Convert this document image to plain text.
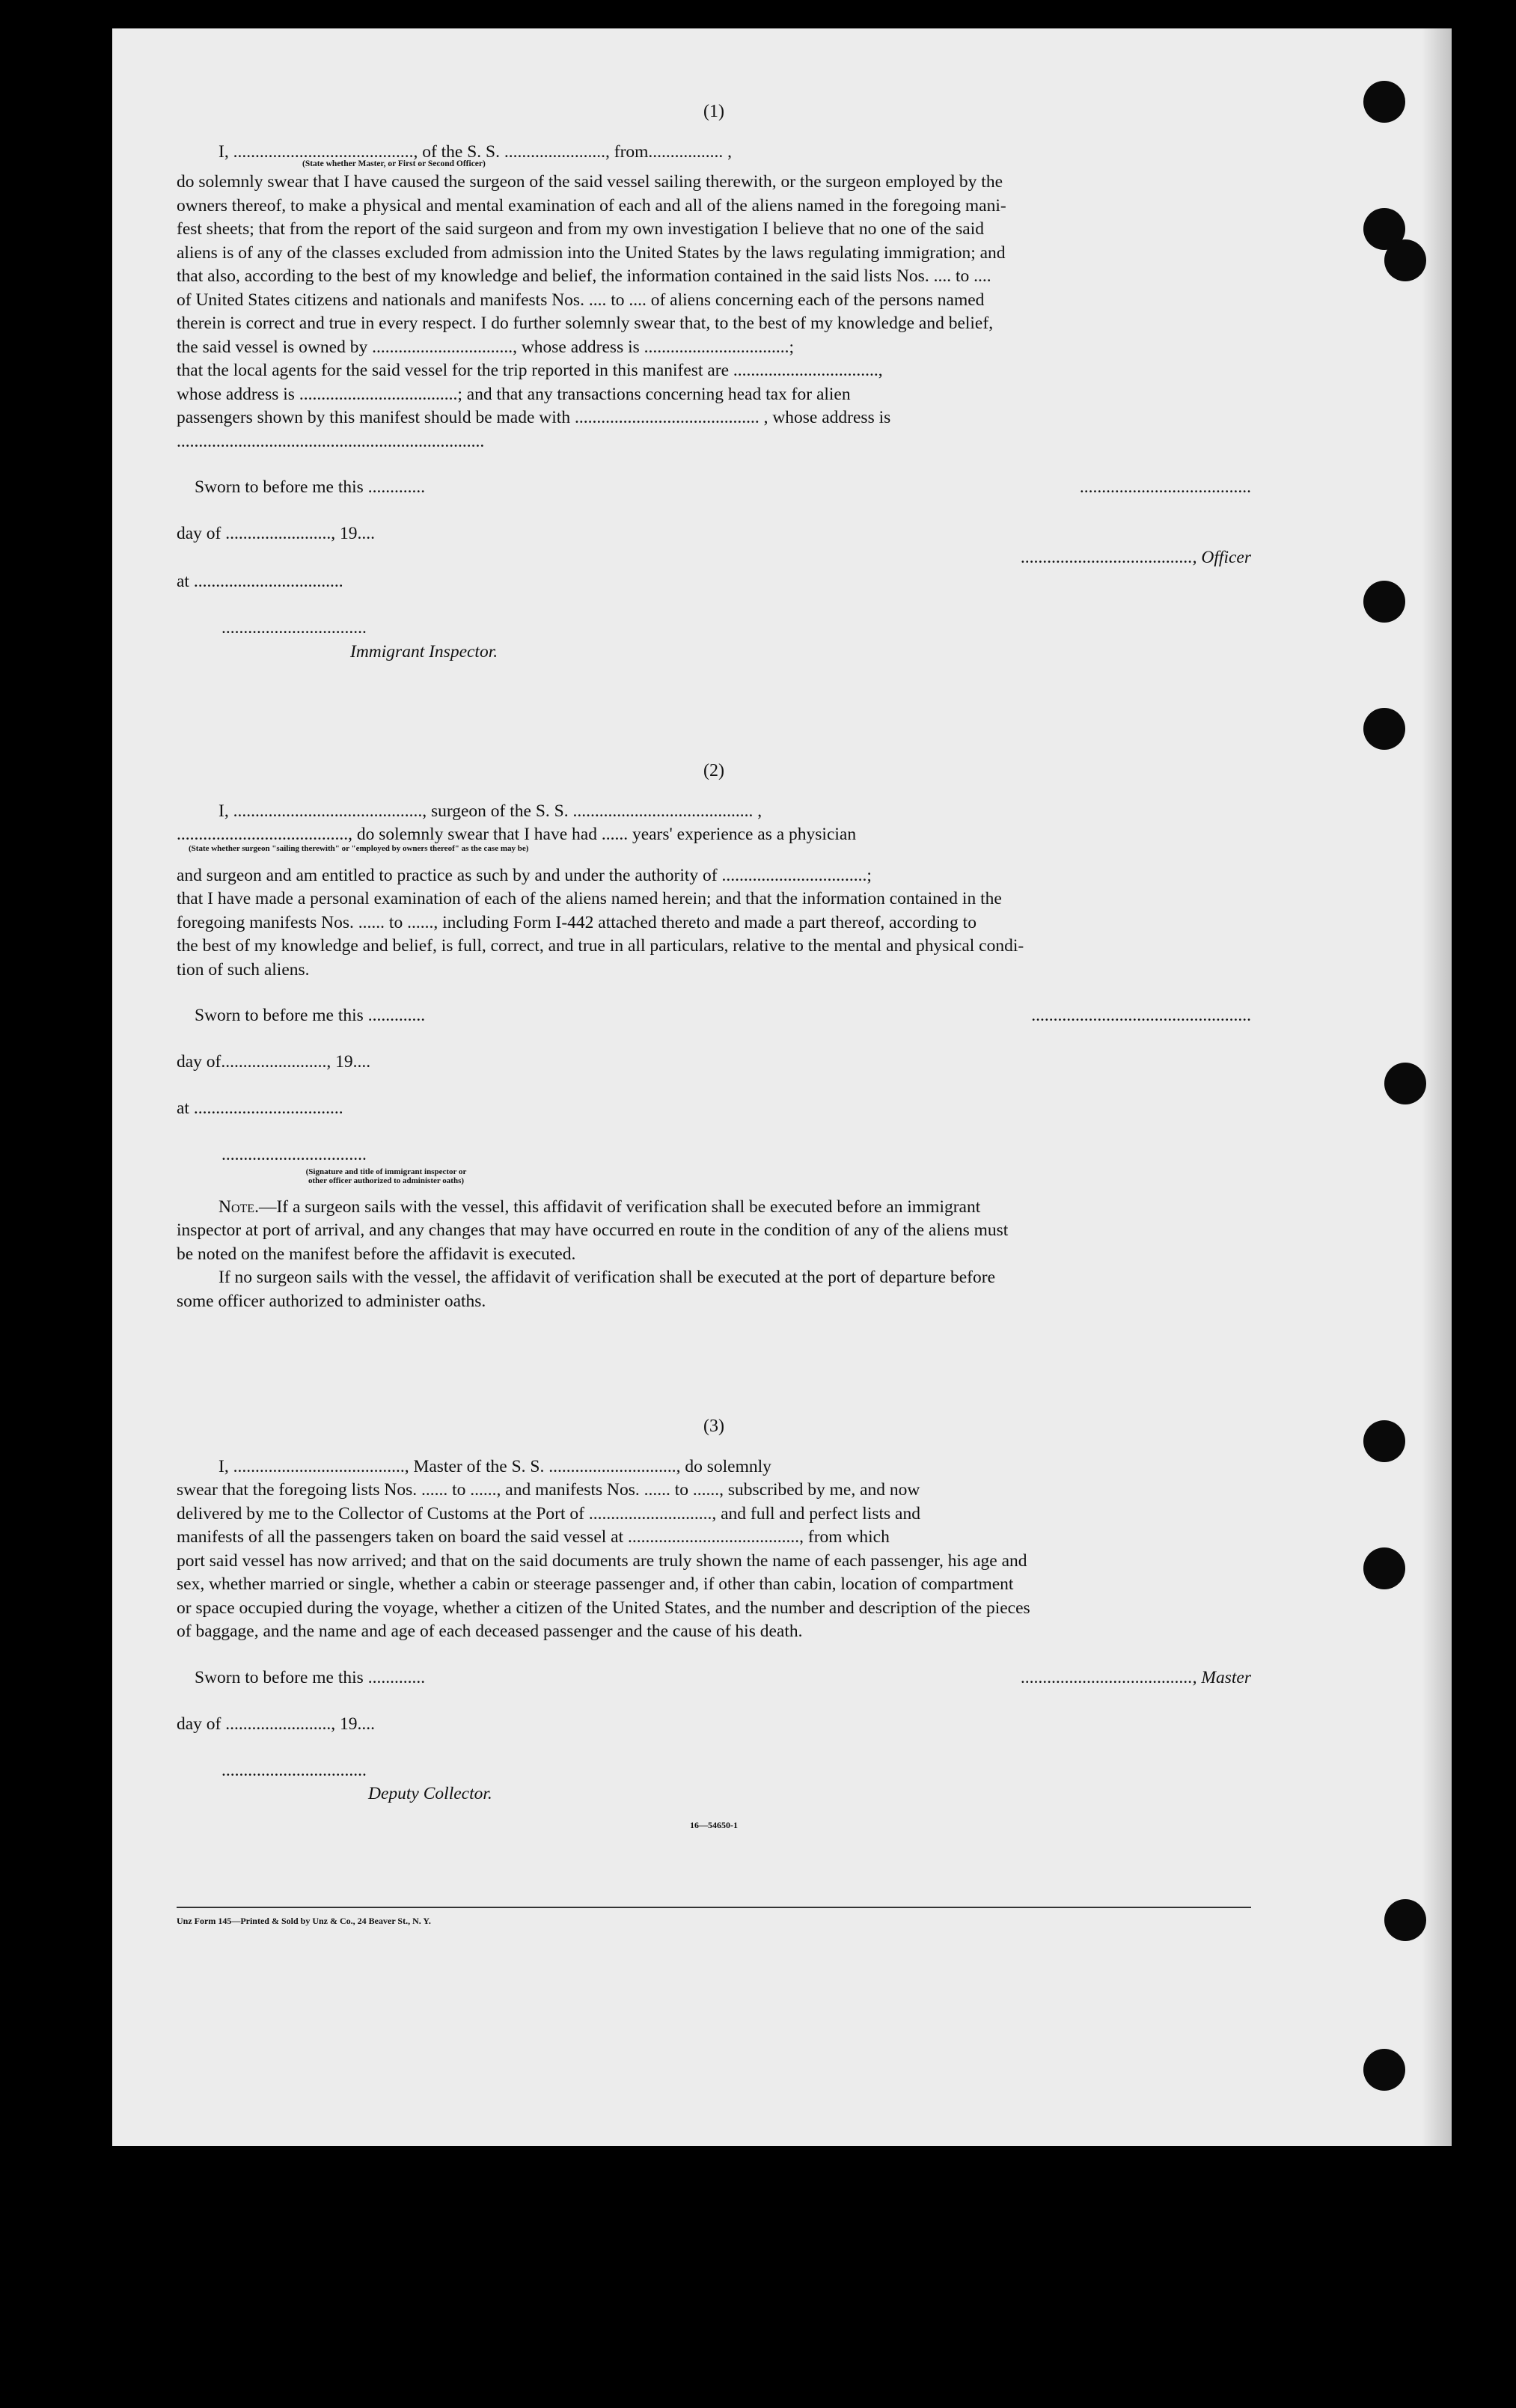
(1)
I, ........................................., of the S. S. ......................., from................. ,
(State whether Master, or First or Second Officer)
do solemnly swear that I have caused the surgeon of the said vessel sailing therewith, or the surgeon employed by the
owners thereof, to make a physical and mental examination of each and all of the aliens named in the foregoing mani-
fest sheets; that from the report of the said surgeon and from my own investigation I believe that no one of the said
aliens is of any of the classes excluded from admission into the United States by the laws regulating immigration; and
that also, according to the best of my knowledge and belief, the information contained in the said lists Nos. .... to ....
of United States citizens and nationals and manifests Nos. .... to .... of aliens concerning each of the persons named
therein is correct and true in every respect. I do further solemnly swear that, to the best of my knowledge and belief,
the said vessel is owned by ................................, whose address is .................................;
that the local agents for the said vessel for the trip reported in this manifest are .................................,
whose address is ....................................; and that any transactions concerning head tax for alien
passengers shown by this manifest should be made with .......................................... , whose address is
......................................................................
Sworn to before me this .............	.......................................
day of ........................, 19....
......................................., Officer
at ..................................
.................................
Immigrant Inspector.
(2)
I, ..........................................., surgeon of the S. S. ......................................... ,
......................................., do solemnly swear that I have had ...... years' experience as a physician
(State whether surgeon "sailing therewith" or "employed by owners thereof" as the case may be)
and surgeon and am entitled to practice as such by and under the authority of .................................;
that I have made a personal examination of each of the aliens named herein; and that the information contained in the
foregoing manifests Nos. ...... to ......, including Form I-442 attached thereto and made a part thereof, according to
the best of my knowledge and belief, is full, correct, and true in all particulars, relative to the mental and physical condi-
tion of such aliens.
Sworn to before me this .............	..................................................
day of........................, 19....
at ..................................
.................................
(Signature and title of immigrant inspector or
other officer authorized to administer oaths)
Note.—If a surgeon sails with the vessel, this affidavit of verification shall be executed before an immigrant
inspector at port of arrival, and any changes that may have occurred en route in the condition of any of the aliens must
be noted on the manifest before the affidavit is executed.
If no surgeon sails with the vessel, the affidavit of verification shall be executed at the port of departure before
some officer authorized to administer oaths.
(3)
I, ......................................., Master of the S. S. ............................., do solemnly
swear that the foregoing lists Nos. ...... to ......, and manifests Nos. ...... to ......, subscribed by me, and now
delivered by me to the Collector of Customs at the Port of ............................, and full and perfect lists and
manifests of all the passengers taken on board the said vessel at ......................................., from which
port said vessel has now arrived; and that on the said documents are truly shown the name of each passenger, his age and
sex, whether married or single, whether a cabin or steerage passenger and, if other than cabin, location of compartment
or space occupied during the voyage, whether a citizen of the United States, and the number and description of the pieces
of baggage, and the name and age of each deceased passenger and the cause of his death.
Sworn to before me this .............	......................................., Master
day of ........................, 19....
.................................
Deputy Collector.
16—54650-1
Unz Form 145—Printed & Sold by Unz & Co., 24 Beaver St., N. Y.
